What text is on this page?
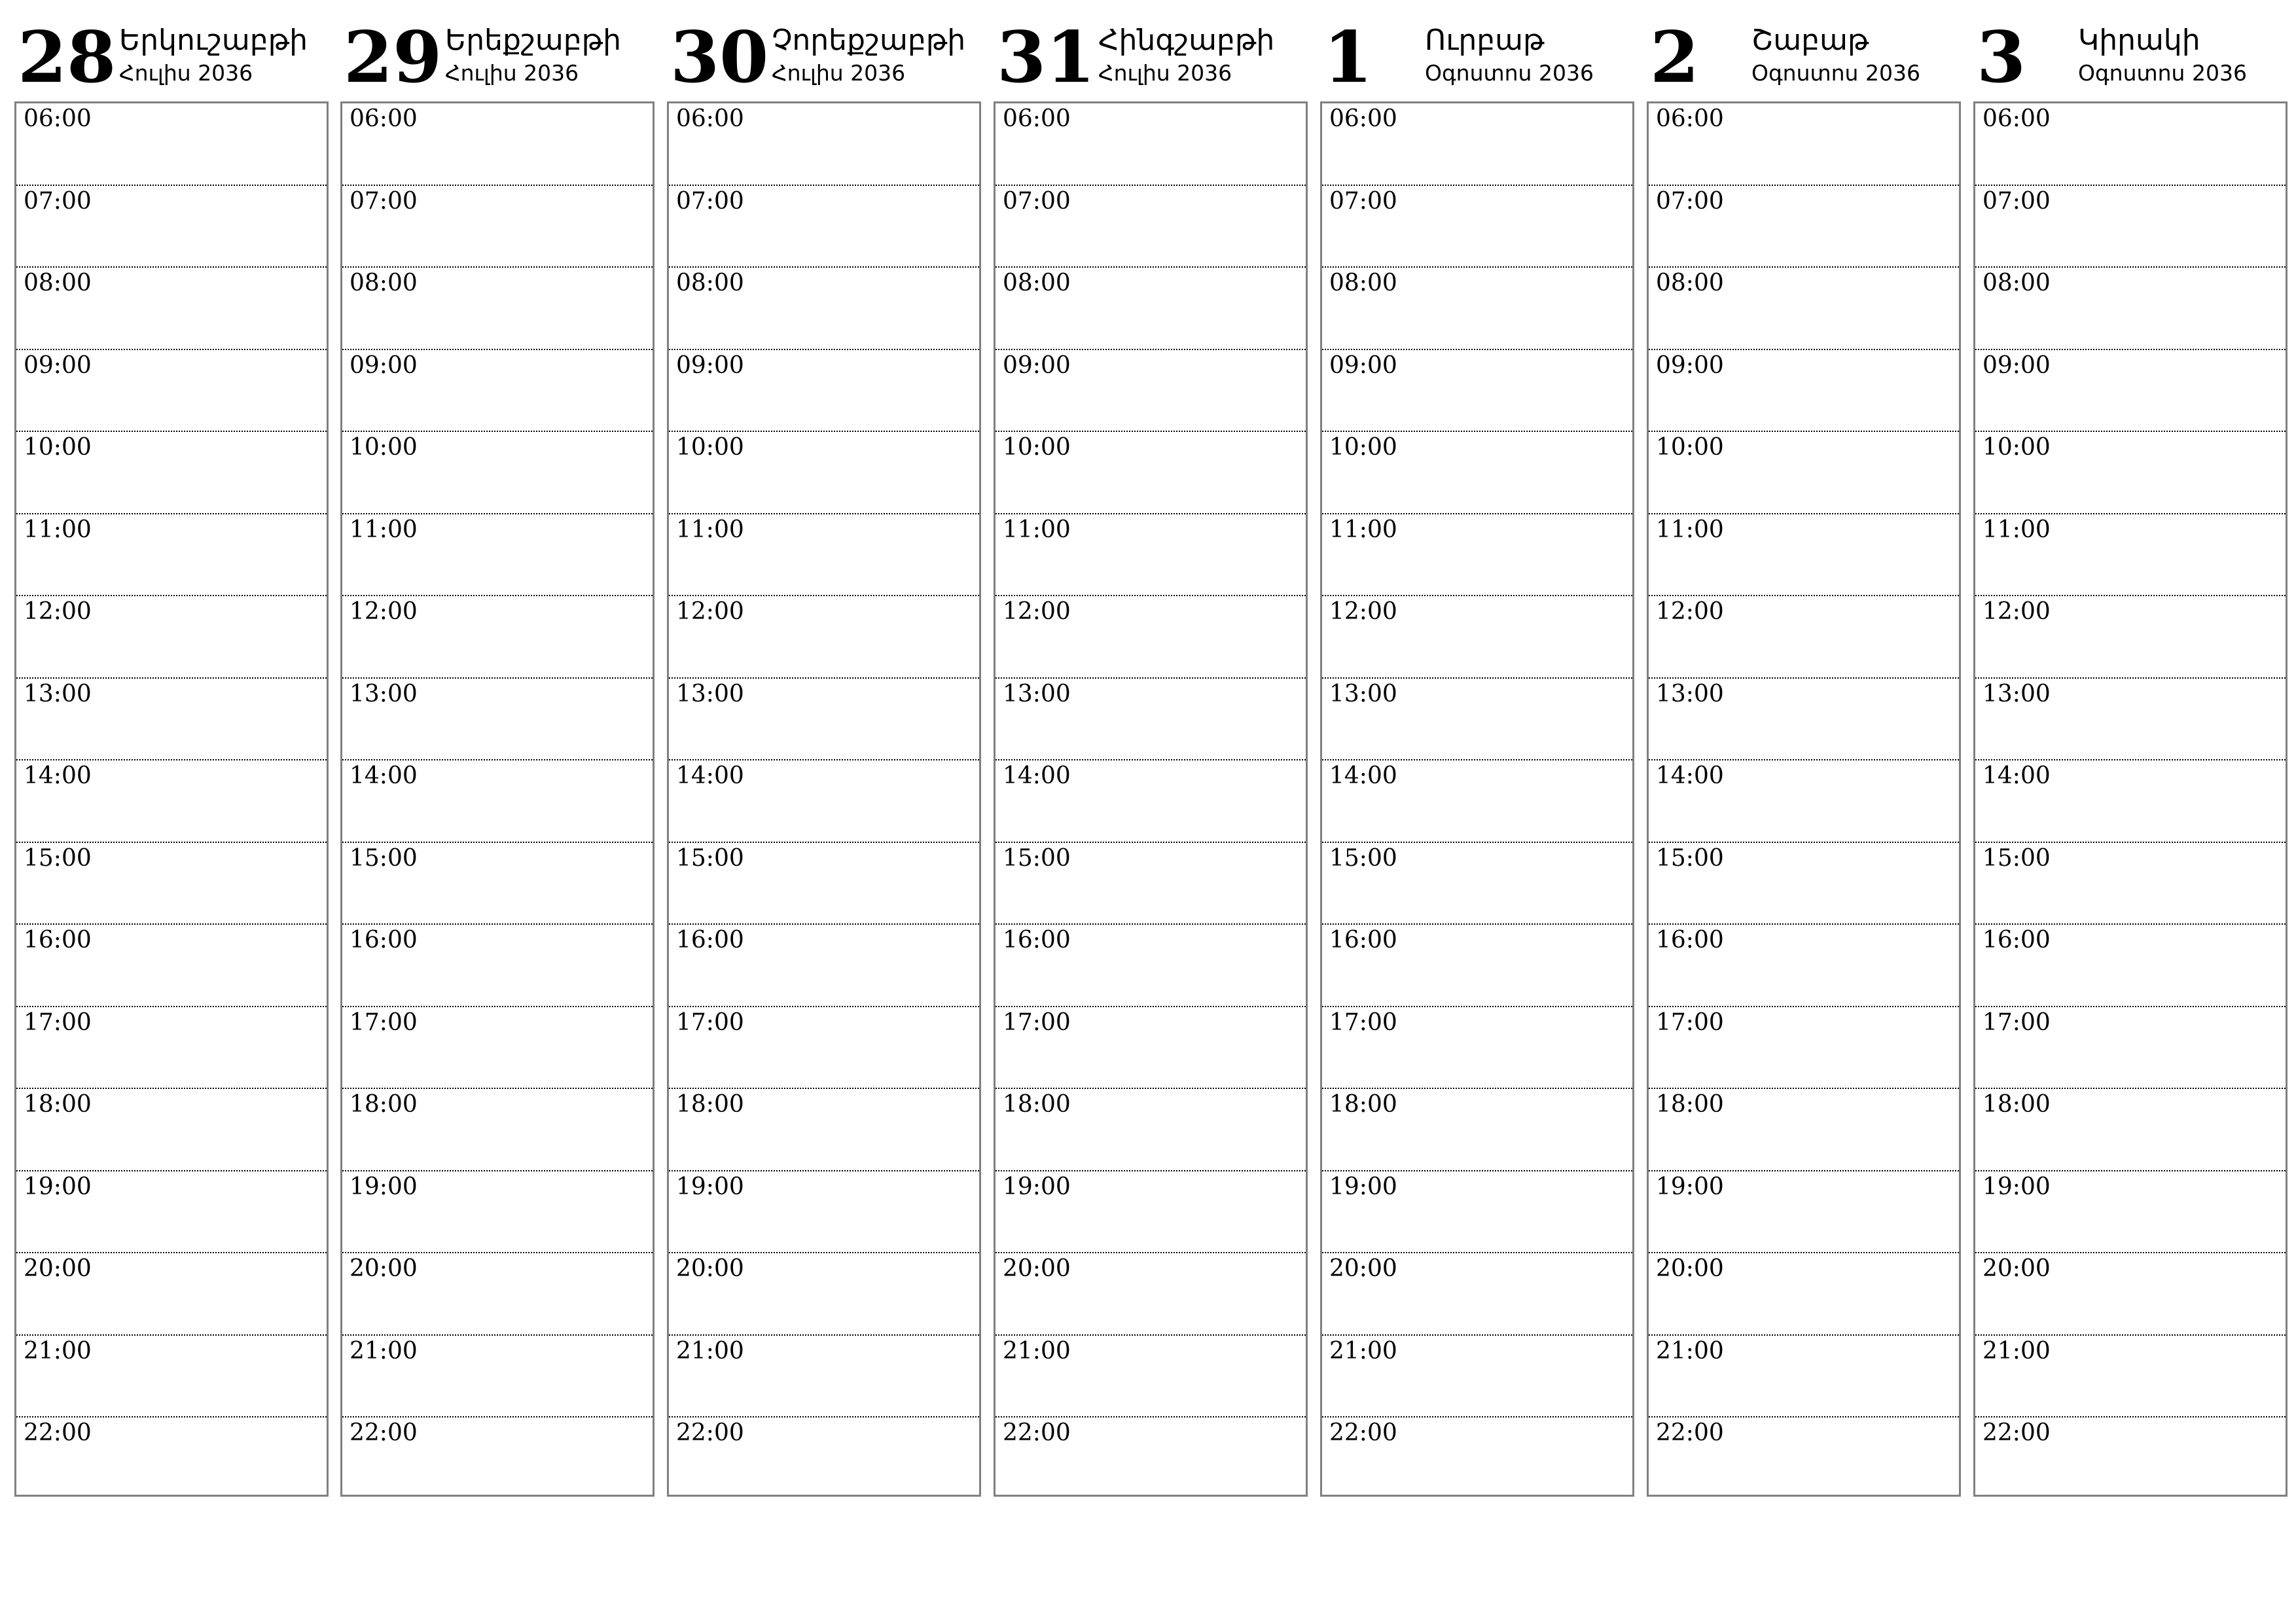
28 Երկուշաբթի
Հուլիս 2036
06:00
07:00
08:00
09:00
10:00
11:00
12:00
13:00
14:00
15:00
16:00
17:00
18:00
19:00
20:00
21:00
22:00
29 Երեքշաբթի
Հուլիս 2036
06:00
07:00
08:00
09:00
10:00
11:00
12:00
13:00
14:00
15:00
16:00
17:00
18:00
19:00
20:00
21:00
22:00
30 Չորեքշաբթի
Հուլիս 2036
06:00
07:00
08:00
09:00
10:00
11:00
12:00
13:00
14:00
15:00
16:00
17:00
18:00
19:00
20:00
21:00
22:00
31 Հինգշաբթի
Հուլիս 2036
06:00
07:00
08:00
09:00
10:00
11:00
12:00
13:00
14:00
15:00
16:00
17:00
18:00
19:00
20:00
21:00
22:00
1 Ուրբաթ
Օգոստոս 2036
06:00
07:00
08:00
09:00
10:00
11:00
12:00
13:00
14:00
15:00
16:00
17:00
18:00
19:00
20:00
21:00
22:00
2 Շաբաթ
Օգոստոս 2036
06:00
07:00
08:00
09:00
10:00
11:00
12:00
13:00
14:00
15:00
16:00
17:00
18:00
19:00
20:00
21:00
22:00
3 Կիրակի
Օգոստոս 2036
06:00
07:00
08:00
09:00
10:00
11:00
12:00
13:00
14:00
15:00
16:00
17:00
18:00
19:00
20:00
21:00
22:00
